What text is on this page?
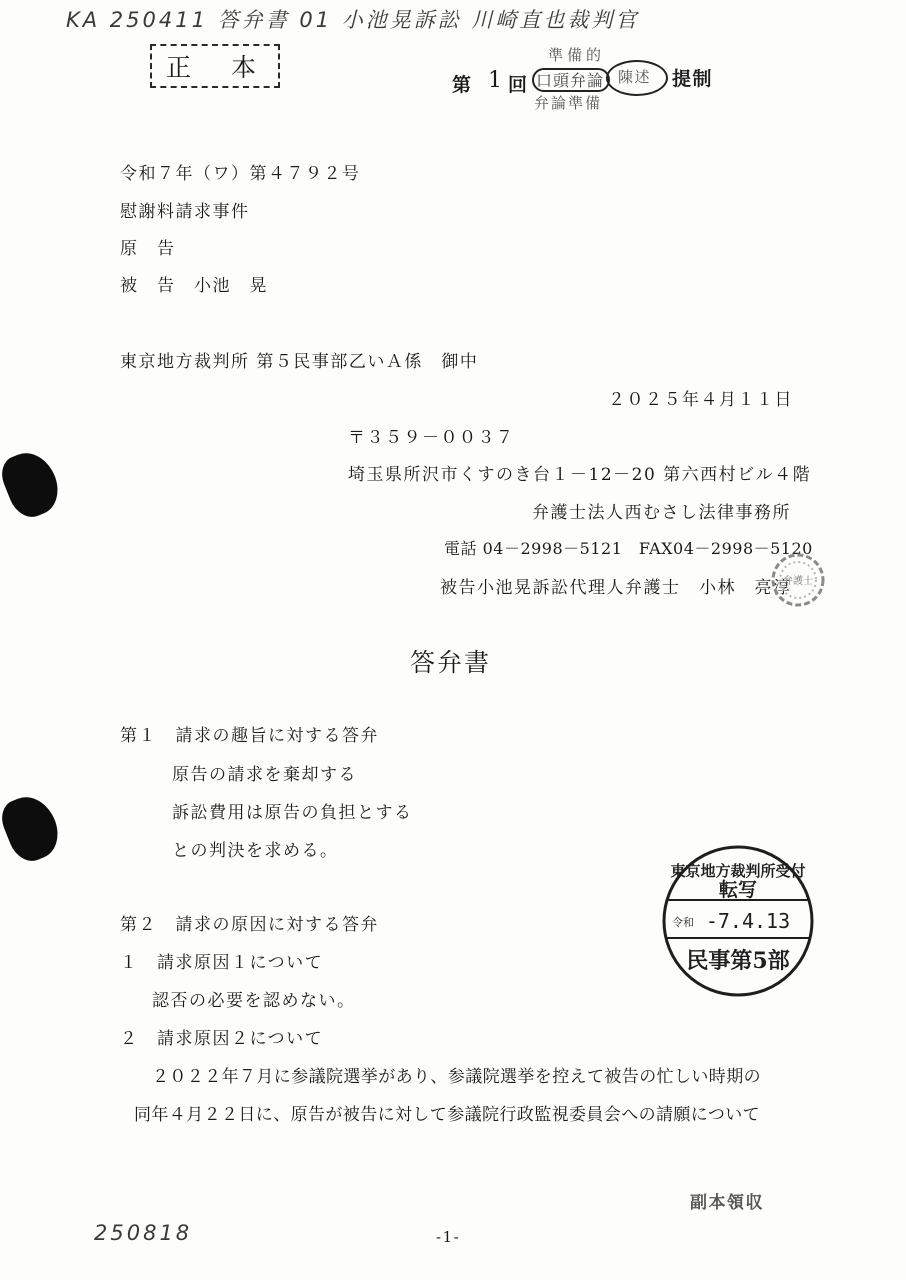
KA 250411 答弁書 01 小池晃訴訟 川崎直也裁判官
正 本
第 1 回
準備的
口頭弁論 陳述
弁論準備
提制
令和７年（ワ）第４７９２号
慰謝料請求事件
原　告
被　告　小池　晃
東京地方裁判所 第５民事部乙いＡ係　御中
２０２５年４月１１日
〒３５９－００３７
埼玉県所沢市くすのき台１－12－20 第六西村ビル４階
弁護士法人西むさし法律事務所
電話 04－2998－5121　FAX04－2998－5120
被告小池晃訴訟代理人弁護士　小林　亮淳
弁護士
答弁書
第１　請求の趣旨に対する答弁
原告の請求を棄却する
訴訟費用は原告の負担とする
との判決を求める。
東京地方裁判所受付
転写
令和 -7.4.13
民事第5部
第２　請求の原因に対する答弁
１　請求原因１について
認否の必要を認めない。
２　請求原因２について
２０２２年７月に参議院選挙があり、参議院選挙を控えて被告の忙しい時期の
同年４月２２日に、原告が被告に対して参議院行政監視委員会への請願について
副本領収
250818	-1-
